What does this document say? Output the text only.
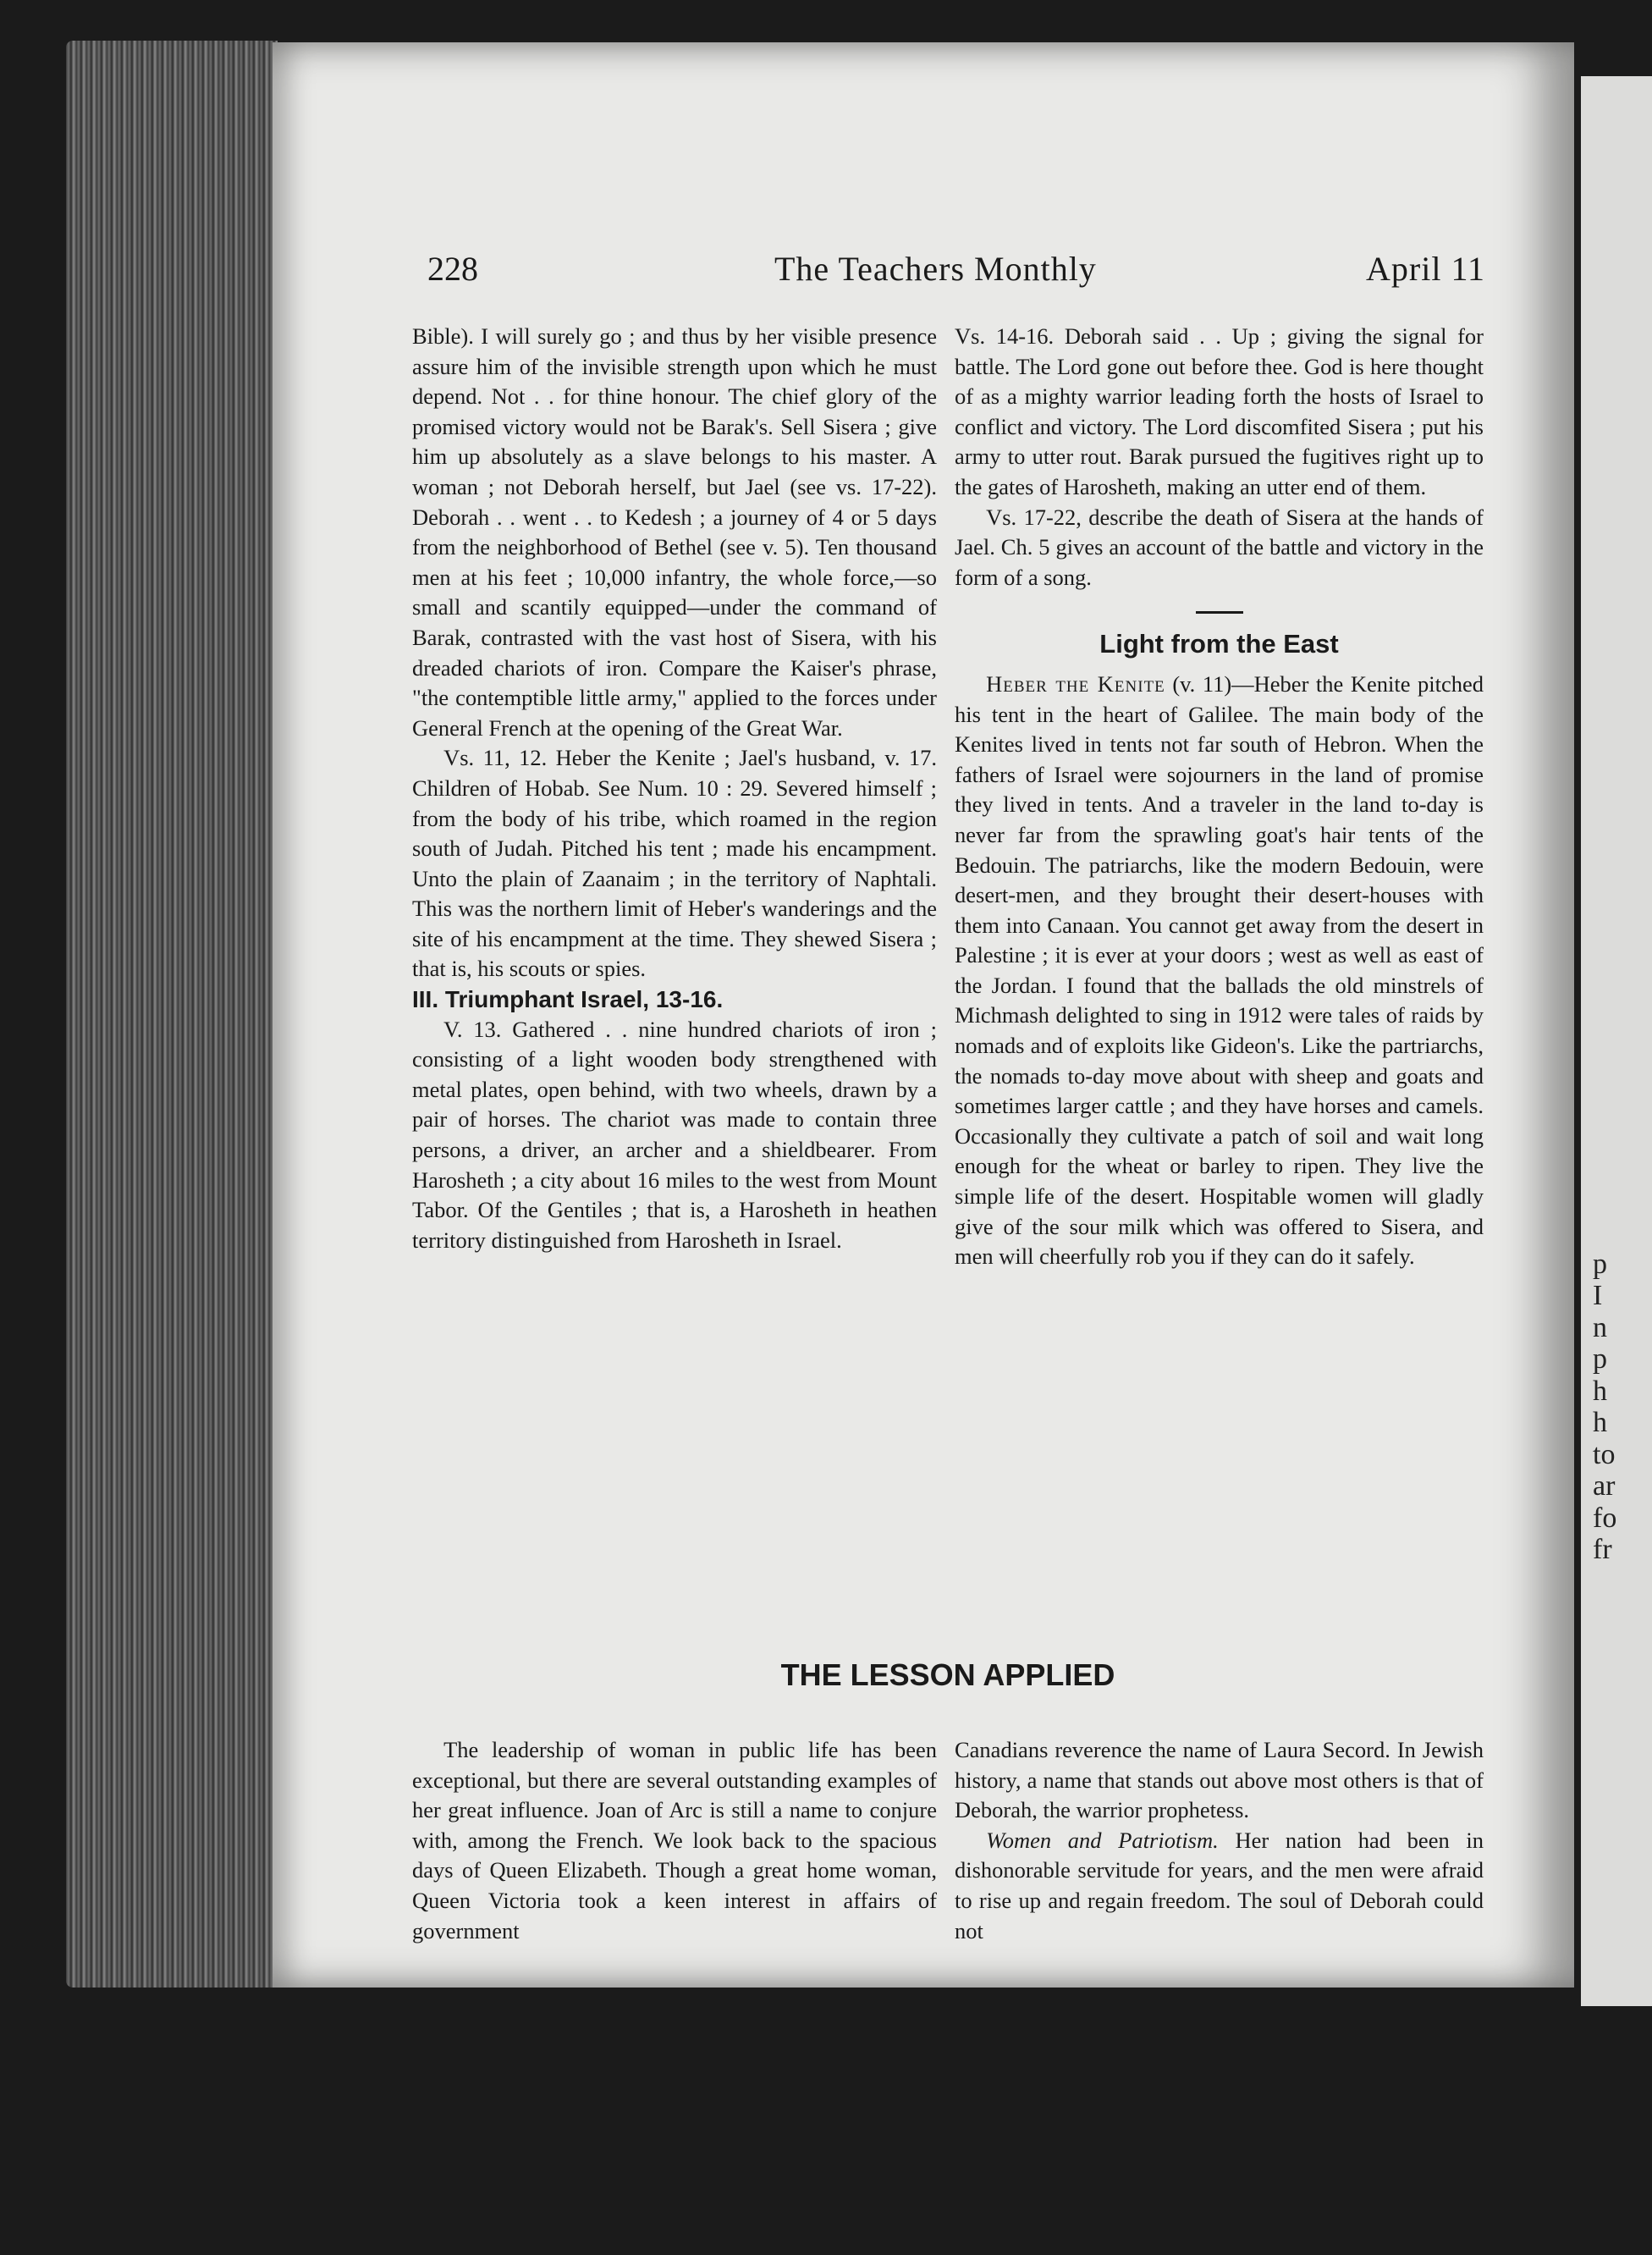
p
I
n
p
h
h
to
ar
fo
fr
228	The Teachers Monthly	April 11

Bible). I will surely go ; and thus by her visible presence assure him of the invisible strength upon which he must depend. Not . . for thine honour. The chief glory of the promised victory would not be Barak's. Sell Sisera ; give him up absolutely as a slave belongs to his master. A woman ; not Deborah herself, but Jael (see vs. 17-22). Deborah . . went . . to Kedesh ; a journey of 4 or 5 days from the neighborhood of Bethel (see v. 5). Ten thousand men at his feet ; 10,000 infantry, the whole force,—so small and scantily equipped—under the command of Barak, contrasted with the vast host of Sisera, with his dreaded chariots of iron. Compare the Kaiser's phrase, "the contemptible little army," applied to the forces under General French at the opening of the Great War.

Vs. 11, 12. Heber the Kenite ; Jael's husband, v. 17. Children of Hobab. See Num. 10 : 29. Severed himself ; from the body of his tribe, which roamed in the region south of Judah. Pitched his tent ; made his encampment. Unto the plain of Zaanaim ; in the territory of Naphtali. This was the northern limit of Heber's wanderings and the site of his encampment at the time. They shewed Sisera ; that is, his scouts or spies.

III. Triumphant Israel, 13-16.

V. 13. Gathered . . nine hundred chariots of iron ; consisting of a light wooden body strengthened with metal plates, open behind, with two wheels, drawn by a pair of horses. The chariot was made to contain three persons, a driver, an archer and a shieldbearer. From Harosheth ; a city about 16 miles to the west from Mount Tabor. Of the Gentiles ; that is, a Harosheth in heathen territory distinguished from Harosheth in Israel.

Vs. 14-16. Deborah said . . Up ; giving the signal for battle. The Lord gone out before thee. God is here thought of as a mighty warrior leading forth the hosts of Israel to conflict and victory. The Lord discomfited Sisera ; put his army to utter rout. Barak pursued the fugitives right up to the gates of Harosheth, making an utter end of them.

Vs. 17-22, describe the death of Sisera at the hands of Jael. Ch. 5 gives an account of the battle and victory in the form of a song.

Light from the East

Heber the Kenite (v. 11)—Heber the Kenite pitched his tent in the heart of Galilee. The main body of the Kenites lived in tents not far south of Hebron. When the fathers of Israel were sojourners in the land of promise they lived in tents. And a traveler in the land to-day is never far from the sprawling goat's hair tents of the Bedouin. The patriarchs, like the modern Bedouin, were desert-men, and they brought their desert-houses with them into Canaan. You cannot get away from the desert in Palestine ; it is ever at your doors ; west as well as east of the Jordan. I found that the ballads the old minstrels of Michmash delighted to sing in 1912 were tales of raids by nomads and of exploits like Gideon's. Like the partriarchs, the nomads to-day move about with sheep and goats and sometimes larger cattle ; and they have horses and camels. Occasionally they cultivate a patch of soil and wait long enough for the wheat or barley to ripen. They live the simple life of the desert. Hospitable women will gladly give of the sour milk which was offered to Sisera, and men will cheerfully rob you if they can do it safely.

THE LESSON APPLIED

The leadership of woman in public life has been exceptional, but there are several outstanding examples of her great influence. Joan of Arc is still a name to conjure with, among the French. We look back to the spacious days of Queen Elizabeth. Though a great home woman, Queen Victoria took a keen interest in affairs of government

Canadians reverence the name of Laura Secord. In Jewish history, a name that stands out above most others is that of Deborah, the warrior prophetess.

Women and Patriotism. Her nation had been in dishonorable servitude for years, and the men were afraid to rise up and regain freedom. The soul of Deborah could not
